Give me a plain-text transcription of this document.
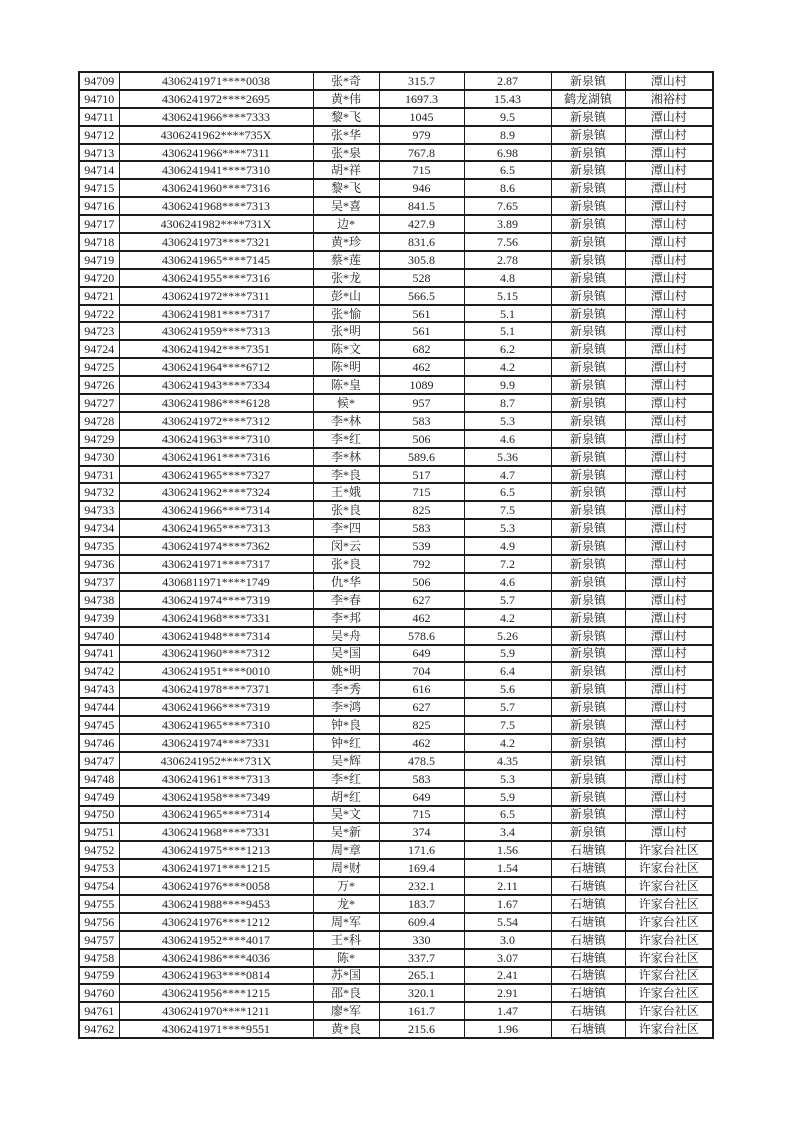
94709	4306241971****0038	张*奇	315.7	2.87	新泉镇	潭山村
94710	4306241972****2695	黄*伟	1697.3	15.43	鹤龙湖镇	湘裕村
94711	4306241966****7333	黎*飞	1045	9.5	新泉镇	潭山村
94712	4306241962****735X	张*华	979	8.9	新泉镇	潭山村
94713	4306241966****7311	张*泉	767.8	6.98	新泉镇	潭山村
94714	4306241941****7310	胡*祥	715	6.5	新泉镇	潭山村
94715	4306241960****7316	黎*飞	946	8.6	新泉镇	潭山村
94716	4306241968****7313	吴*喜	841.5	7.65	新泉镇	潭山村
94717	4306241982****731X	边*	427.9	3.89	新泉镇	潭山村
94718	4306241973****7321	黄*珍	831.6	7.56	新泉镇	潭山村
94719	4306241965****7145	蔡*莲	305.8	2.78	新泉镇	潭山村
94720	4306241955****7316	张*龙	528	4.8	新泉镇	潭山村
94721	4306241972****7311	彭*山	566.5	5.15	新泉镇	潭山村
94722	4306241981****7317	张*愉	561	5.1	新泉镇	潭山村
94723	4306241959****7313	张*明	561	5.1	新泉镇	潭山村
94724	4306241942****7351	陈*文	682	6.2	新泉镇	潭山村
94725	4306241964****6712	陈*明	462	4.2	新泉镇	潭山村
94726	4306241943****7334	陈*皇	1089	9.9	新泉镇	潭山村
94727	4306241986****6128	候*	957	8.7	新泉镇	潭山村
94728	4306241972****7312	李*林	583	5.3	新泉镇	潭山村
94729	4306241963****7310	李*红	506	4.6	新泉镇	潭山村
94730	4306241961****7316	李*林	589.6	5.36	新泉镇	潭山村
94731	4306241965****7327	李*良	517	4.7	新泉镇	潭山村
94732	4306241962****7324	王*娥	715	6.5	新泉镇	潭山村
94733	4306241966****7314	张*良	825	7.5	新泉镇	潭山村
94734	4306241965****7313	李*四	583	5.3	新泉镇	潭山村
94735	4306241974****7362	闵*云	539	4.9	新泉镇	潭山村
94736	4306241971****7317	张*良	792	7.2	新泉镇	潭山村
94737	4306811971****1749	仇*华	506	4.6	新泉镇	潭山村
94738	4306241974****7319	李*春	627	5.7	新泉镇	潭山村
94739	4306241968****7331	李*邦	462	4.2	新泉镇	潭山村
94740	4306241948****7314	吴*舟	578.6	5.26	新泉镇	潭山村
94741	4306241960****7312	吴*国	649	5.9	新泉镇	潭山村
94742	4306241951****0010	姚*明	704	6.4	新泉镇	潭山村
94743	4306241978****7371	李*秀	616	5.6	新泉镇	潭山村
94744	4306241966****7319	李*鸿	627	5.7	新泉镇	潭山村
94745	4306241965****7310	钟*良	825	7.5	新泉镇	潭山村
94746	4306241974****7331	钟*红	462	4.2	新泉镇	潭山村
94747	4306241952****731X	吴*辉	478.5	4.35	新泉镇	潭山村
94748	4306241961****7313	李*红	583	5.3	新泉镇	潭山村
94749	4306241958****7349	胡*红	649	5.9	新泉镇	潭山村
94750	4306241965****7314	吴*文	715	6.5	新泉镇	潭山村
94751	4306241968****7331	吴*新	374	3.4	新泉镇	潭山村
94752	4306241975****1213	周*章	171.6	1.56	石塘镇	许家台社区
94753	4306241971****1215	周*财	169.4	1.54	石塘镇	许家台社区
94754	4306241976****0058	万*	232.1	2.11	石塘镇	许家台社区
94755	4306241988****9453	龙*	183.7	1.67	石塘镇	许家台社区
94756	4306241976****1212	周*军	609.4	5.54	石塘镇	许家台社区
94757	4306241952****4017	王*科	330	3.0	石塘镇	许家台社区
94758	4306241986****4036	陈*	337.7	3.07	石塘镇	许家台社区
94759	4306241963****0814	苏*国	265.1	2.41	石塘镇	许家台社区
94760	4306241956****1215	邵*良	320.1	2.91	石塘镇	许家台社区
94761	4306241970****1211	廖*军	161.7	1.47	石塘镇	许家台社区
94762	4306241971****9551	黄*良	215.6	1.96	石塘镇	许家台社区
